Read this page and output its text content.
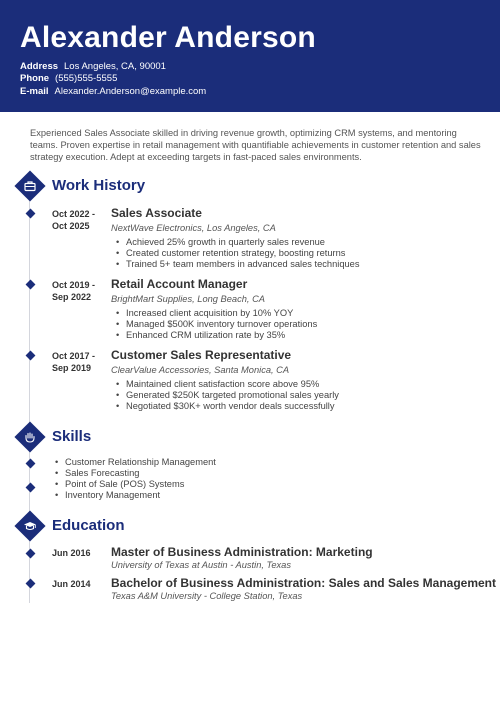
Alexander Anderson
Address Los Angeles, CA, 90001
Phone (555)555-5555
E-mail Alexander.Anderson@example.com
Experienced Sales Associate skilled in driving revenue growth, optimizing CRM systems, and mentoring teams. Proven expertise in retail management with quantifiable achievements in customer retention and sales strategy execution. Adept at exceeding targets in fast-paced sales environments.
Work History
Oct 2022 -
Oct 2025
Sales Associate
NextWave Electronics, Los Angeles, CA
• Achieved 25% growth in quarterly sales revenue
• Created customer retention strategy, boosting returns
• Trained 5+ team members in advanced sales techniques
Oct 2019 -
Sep 2022
Retail Account Manager
BrightMart Supplies, Long Beach, CA
• Increased client acquisition by 10% YOY
• Managed $500K inventory turnover operations
• Enhanced CRM utilization rate by 35%
Oct 2017 -
Sep 2019
Customer Sales Representative
ClearValue Accessories, Santa Monica, CA
• Maintained client satisfaction score above 95%
• Generated $250K targeted promotional sales yearly
• Negotiated $30K+ worth vendor deals successfully
Skills
• Customer Relationship Management
• Sales Forecasting
• Point of Sale (POS) Systems
• Inventory Management
Education
Jun 2016	Master of Business Administration: Marketing
University of Texas at Austin - Austin, Texas
Jun 2014	Bachelor of Business Administration: Sales and Sales Management
Texas A&M University - College Station, Texas
